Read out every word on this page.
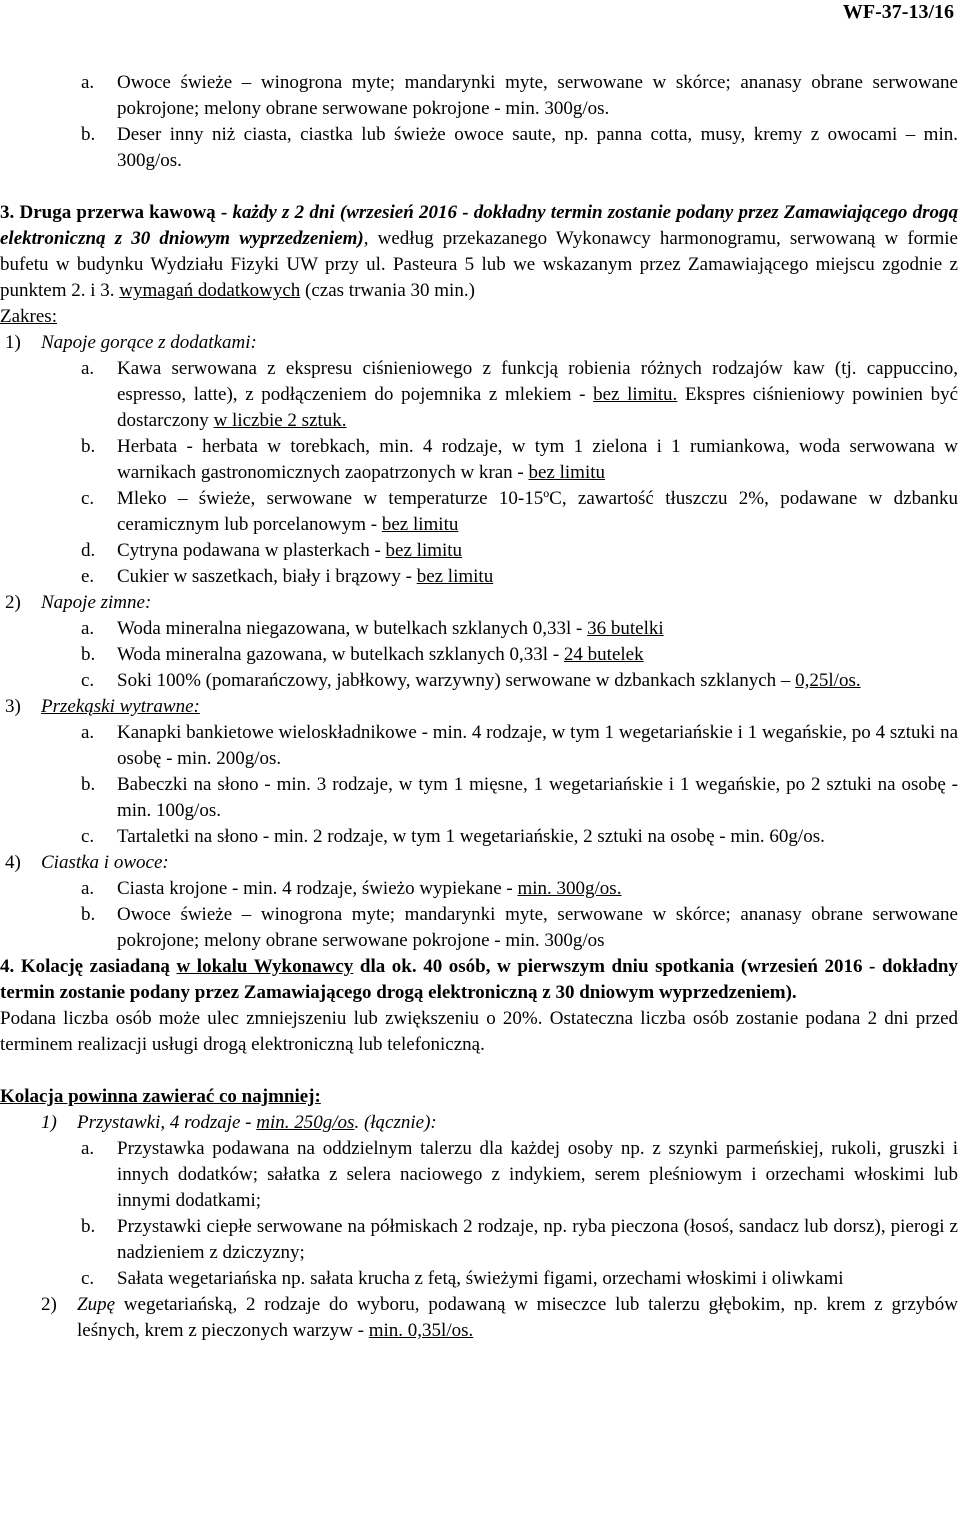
WF-37-13/16

a. Owoce świeże – winogrona myte; mandarynki myte, serwowane w skórce; ananasy obrane serwowane pokrojone; melony obrane serwowane pokrojone - min. 300g/os.

b. Deser inny niż ciasta, ciastka lub świeże owoce saute, np. panna cotta, musy, kremy z owocami – min. 300g/os.

3. Druga przerwa kawową - każdy z 2 dni (wrzesień 2016 - dokładny termin zostanie podany przez Zamawiającego drogą elektroniczną z 30 dniowym wyprzedzeniem), według przekazanego Wykonawcy harmonogramu, serwowaną w formie bufetu w budynku Wydziału Fizyki UW przy ul. Pasteura 5 lub we wskazanym przez Zamawiającego miejscu zgodnie z punktem 2. i 3. wymagań dodatkowych (czas trwania 30 min.)

Zakres:

1) Napoje gorące z dodatkami:

a. Kawa serwowana z ekspresu ciśnieniowego z funkcją robienia różnych rodzajów kaw (tj. cappuccino, espresso, latte), z podłączeniem do pojemnika z mlekiem - bez limitu. Ekspres ciśnieniowy powinien być dostarczony w liczbie 2 sztuk.

b. Herbata - herbata w torebkach, min. 4 rodzaje, w tym 1 zielona i 1 rumiankowa, woda serwowana w warnikach gastronomicznych zaopatrzonych w kran - bez limitu

c. Mleko – świeże, serwowane w temperaturze 10-15ºC, zawartość tłuszczu 2%, podawane w dzbanku ceramicznym lub porcelanowym - bez limitu

d. Cytryna podawana w plasterkach - bez limitu

e. Cukier w saszetkach, biały i brązowy - bez limitu

2) Napoje zimne:

a. Woda mineralna niegazowana, w butelkach szklanych 0,33l - 36 butelki

b. Woda mineralna gazowana, w butelkach szklanych 0,33l - 24 butelek

c. Soki 100% (pomarańczowy, jabłkowy, warzywny) serwowane w dzbankach szklanych – 0,25l/os.

3) Przekąski wytrawne:

a. Kanapki bankietowe wieloskładnikowe - min. 4 rodzaje, w tym 1 wegetariańskie i 1 wegańskie, po 4 sztuki na osobę - min. 200g/os.

b. Babeczki na słono - min. 3 rodzaje, w tym 1 mięsne, 1 wegetariańskie i 1 wegańskie, po 2 sztuki na osobę - min. 100g/os.

c. Tartaletki na słono - min. 2 rodzaje, w tym 1 wegetariańskie, 2 sztuki na osobę - min. 60g/os.

4) Ciastka i owoce:

a. Ciasta krojone - min. 4 rodzaje, świeżo wypiekane - min. 300g/os.

b. Owoce świeże – winogrona myte; mandarynki myte, serwowane w skórce; ananasy obrane serwowane pokrojone; melony obrane serwowane pokrojone - min. 300g/os

4. Kolację zasiadaną w lokalu Wykonawcy dla ok. 40 osób, w pierwszym dniu spotkania (wrzesień 2016 - dokładny termin zostanie podany przez Zamawiającego drogą elektroniczną z 30 dniowym wyprzedzeniem).

Podana liczba osób może ulec zmniejszeniu lub zwiększeniu o 20%. Ostateczna liczba osób zostanie podana 2 dni przed terminem realizacji usługi drogą elektroniczną lub telefoniczną.

Kolacja powinna zawierać co najmniej:

1) Przystawki, 4 rodzaje - min. 250g/os. (łącznie):

a. Przystawka podawana na oddzielnym talerzu dla każdej osoby np. z szynki parmeńskiej, rukoli, gruszki i innych dodatków; sałatka z selera naciowego z indykiem, serem pleśniowym i orzechami włoskimi lub innymi dodatkami;

b. Przystawki ciepłe serwowane na półmiskach 2 rodzaje, np. ryba pieczona (łosoś, sandacz lub dorsz), pierogi z nadzieniem z dziczyzny;

c. Sałata wegetariańska np. sałata krucha z fetą, świeżymi figami, orzechami włoskimi i oliwkami

2) Zupę wegetariańską, 2 rodzaje do wyboru, podawaną w miseczce lub talerzu głębokim, np. krem z grzybów leśnych, krem z pieczonych warzyw - min. 0,35l/os.
